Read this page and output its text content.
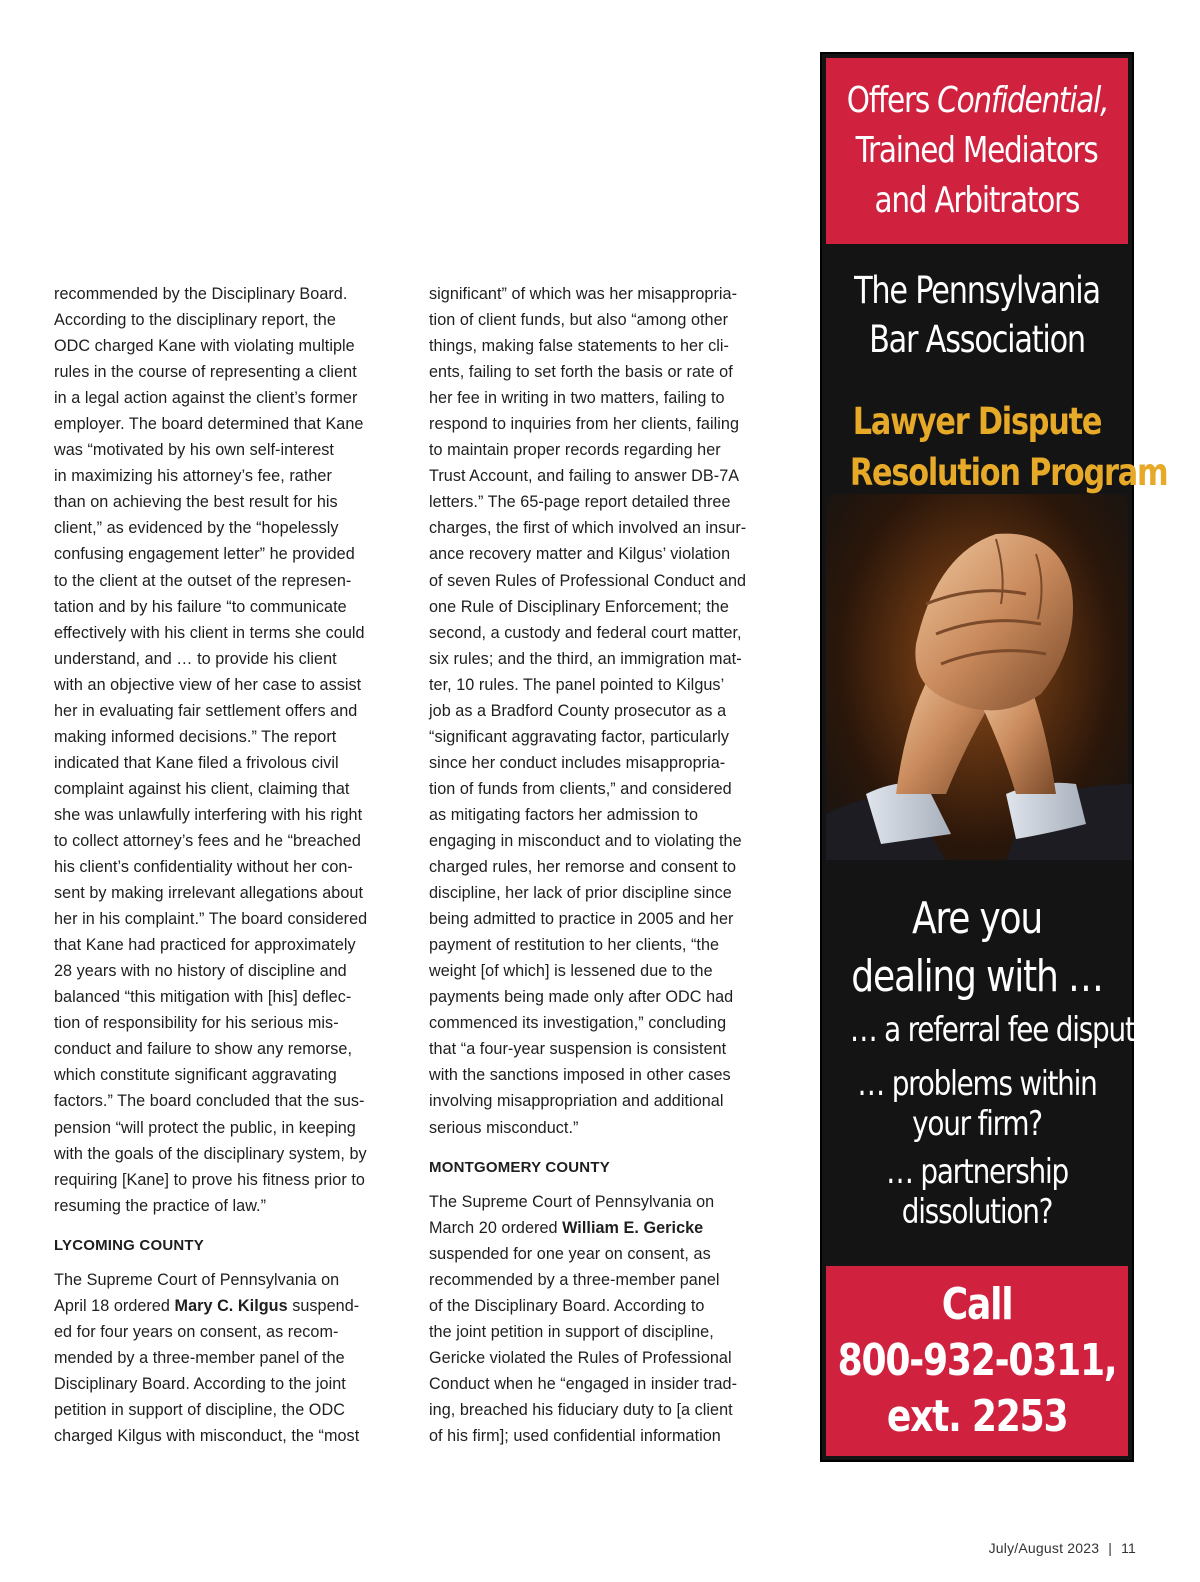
recommended by the Disciplinary Board.
According to the disciplinary report, the
ODC charged Kane with violating multiple
rules in the course of representing a client
in a legal action against the client’s former
employer. The board determined that Kane
was “motivated by his own self-interest
in maximizing his attorney’s fee, rather
than on achieving the best result for his
client,” as evidenced by the “hopelessly
confusing engagement letter” he provided
to the client at the outset of the represen-
tation and by his failure “to communicate
effectively with his client in terms she could
understand, and … to provide his client
with an objective view of her case to assist
her in evaluating fair settlement offers and
making informed decisions.” The report
indicated that Kane filed a frivolous civil
complaint against his client, claiming that
she was unlawfully interfering with his right
to collect attorney’s fees and he “breached
his client’s confidentiality without her con-
sent by making irrelevant allegations about
her in his complaint.” The board considered
that Kane had practiced for approximately
28 years with no history of discipline and
balanced “this mitigation with [his] deflec-
tion of responsibility for his serious mis-
conduct and failure to show any remorse,
which constitute significant aggravating
factors.” The board concluded that the sus-
pension “will protect the public, in keeping
with the goals of the disciplinary system, by
requiring [Kane] to prove his fitness prior to
resuming the practice of law.”

LYCOMING COUNTY

The Supreme Court of Pennsylvania on
April 18 ordered Mary C. Kilgus suspend-
ed for four years on consent, as recom-
mended by a three-member panel of the
Disciplinary Board. According to the joint
petition in support of discipline, the ODC
charged Kilgus with misconduct, the “most

significant” of which was her misappropria-
tion of client funds, but also “among other
things, making false statements to her cli-
ents, failing to set forth the basis or rate of
her fee in writing in two matters, failing to
respond to inquiries from her clients, failing
to maintain proper records regarding her
Trust Account, and failing to answer DB-7A
letters.” The 65-page report detailed three
charges, the first of which involved an insur-
ance recovery matter and Kilgus’ violation
of seven Rules of Professional Conduct and
one Rule of Disciplinary Enforcement; the
second, a custody and federal court matter,
six rules; and the third, an immigration mat-
ter, 10 rules. The panel pointed to Kilgus’
job as a Bradford County prosecutor as a
“significant aggravating factor, particularly
since her conduct includes misappropria-
tion of funds from clients,” and considered
as mitigating factors her admission to
engaging in misconduct and to violating the
charged rules, her remorse and consent to
discipline, her lack of prior discipline since
being admitted to practice in 2005 and her
payment of restitution to her clients, “the
weight [of which] is lessened due to the
payments being made only after ODC had
commenced its investigation,” concluding
that “a four-year suspension is consistent
with the sanctions imposed in other cases
involving misappropriation and additional
serious misconduct.”

MONTGOMERY COUNTY

The Supreme Court of Pennsylvania on
March 20 ordered William E. Gericke
suspended for one year on consent, as
recommended by a three-member panel
of the Disciplinary Board. According to
the joint petition in support of discipline,
Gericke violated the Rules of Professional
Conduct when he “engaged in insider trad-
ing, breached his fiduciary duty to [a client
of his firm]; used confidential information

Offers Confidential,
Trained Mediators
and Arbitrators
The Pennsylvania
Bar Association
Lawyer Dispute
Resolution Program
Are you
dealing with …
… a referral fee dispute?
… problems within
your firm?
… partnership
dissolution?
Call
800-932-0311,
ext. 2253
July/August 2023 | 11
